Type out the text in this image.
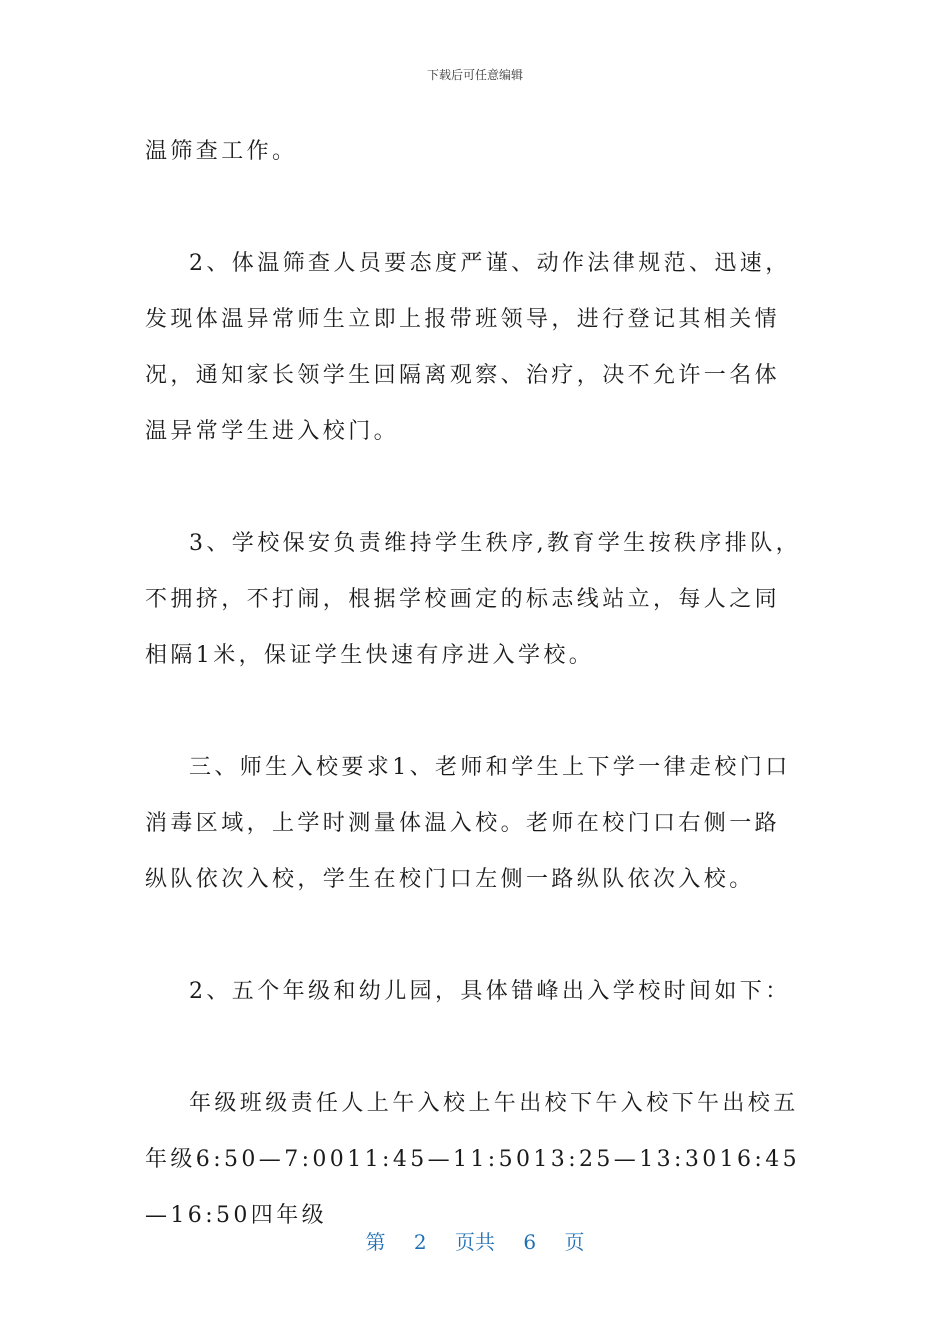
下载后可任意编辑

温筛查工作。

2、体温筛查人员要态度严谨、动作法律规范、迅速，发现体温异常师生立即上报带班领导，进行登记其相关情况，通知家长领学生回隔离观察、治疗，决不允许一名体温异常学生进入校门。

3、学校保安负责维持学生秩序,教育学生按秩序排队，不拥挤，不打闹，根据学校画定的标志线站立，每人之同相隔1米，保证学生快速有序进入学校。

三、师生入校要求1、老师和学生上下学一律走校门口消毒区域，上学时测量体温入校。老师在校门口右侧一路纵队依次入校，学生在校门口左侧一路纵队依次入校。

2、五个年级和幼儿园，具体错峰出入学校时间如下：

年级班级责任人上午入校上午出校下午入校下午出校五年级6:50—7:0011:45—11:5013:25—13:3016:45—16:50四年级

第 2 页共 6 页
